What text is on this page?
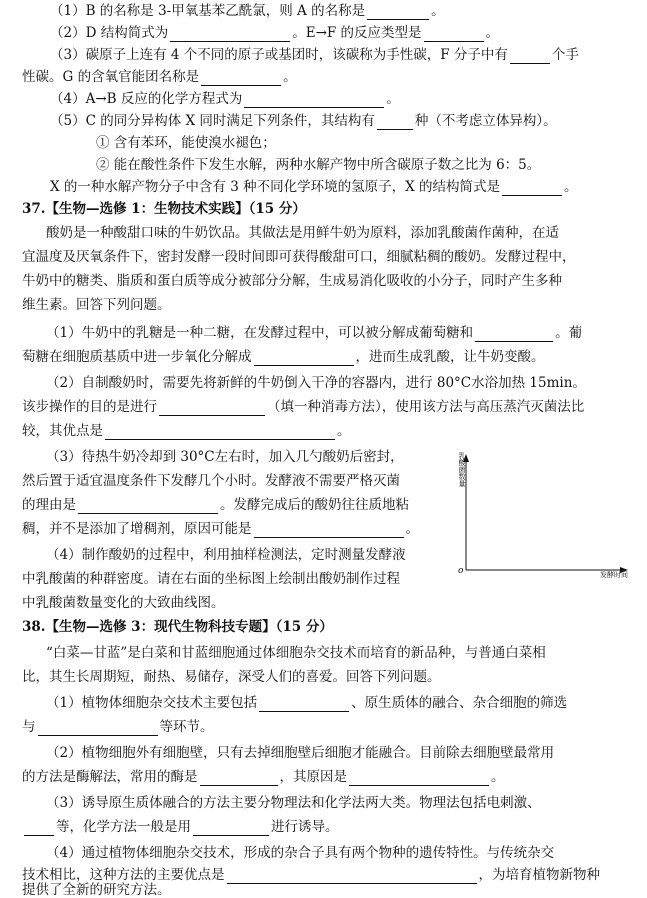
（1）B 的名称是 3-甲氧基苯乙酰氯，则 A 的名称是	。
（2）D 结构简式为	。E→F 的反应类型是	。
（3）碳原子上连有 4 个不同的原子或基团时，该碳称为手性碳，F 分子中有	个手
性碳。G 的含氧官能团名称是	。
（4）A→B 反应的化学方程式为	。
（5）C 的同分异构体 X 同时满足下列条件，其结构有	种（不考虑立体异构）。
① 含有苯环，能使溴水褪色；
② 能在酸性条件下发生水解，两种水解产物中所含碳原子数之比为 6：5。
X 的一种水解产物分子中含有 3 种不同化学环境的氢原子，X 的结构简式是	。
37.【生物—选修 1：生物技术实践】（15 分）
酸奶是一种酸甜口味的牛奶饮品。其做法是用鲜牛奶为原料，添加乳酸菌作菌种，在适
宜温度及厌氧条件下，密封发酵一段时间即可获得酸甜可口，细腻粘稠的酸奶。发酵过程中，
牛奶中的糖类、脂质和蛋白质等成分被部分分解，生成易消化吸收的小分子，同时产生多种
维生素。回答下列问题。
（1）牛奶中的乳糖是一种二糖，在发酵过程中，可以被分解成葡萄糖和	。葡
萄糖在细胞质基质中进一步氧化分解成	，进而生成乳酸，让牛奶变酸。
（2）自制酸奶时，需要先将新鲜的牛奶倒入干净的容器内，进行 80°C水浴加热 15min。
该步操作的目的是进行	（填一种消毒方法），使用该方法与高压蒸汽灭菌法比
较，其优点是	。
（3）待热牛奶冷却到 30°C左右时，加入几勺酸奶后密封，
然后置于适宜温度条件下发酵几个小时。发酵液不需要严格灭菌
的理由是	。发酵完成后的酸奶往往质地粘
稠，并不是添加了增稠剂，原因可能是	。
（4）制作酸奶的过程中，利用抽样检测法，定时测量发酵液
中乳酸菌的种群密度。请在右面的坐标图上绘制出酸奶制作过程
中乳酸菌数量变化的大致曲线图。
乳酸菌数量
发酵时间
o
38.【生物—选修 3：现代生物科技专题】（15 分）
“白菜—甘蓝”是白菜和甘蓝细胞通过体细胞杂交技术而培育的新品种，与普通白菜相
比，其生长周期短，耐热、易储存，深受人们的喜爱。回答下列问题。
（1）植物体细胞杂交技术主要包括	、原生质体的融合、杂合细胞的筛选
与	等环节。
（2）植物细胞外有细胞壁，只有去掉细胞壁后细胞才能融合。目前除去细胞壁最常用
的方法是酶解法，常用的酶是	，其原因是	。
（3）诱导原生质体融合的方法主要分物理法和化学法两大类。物理法包括电刺激、
等，化学方法一般是用	进行诱导。
（4）通过植物体细胞杂交技术，形成的杂合子具有两个物种的遗传特性。与传统杂交
技术相比，这种方法的主要优点是	，为培育植物新物种
提供了全新的研究方法。
